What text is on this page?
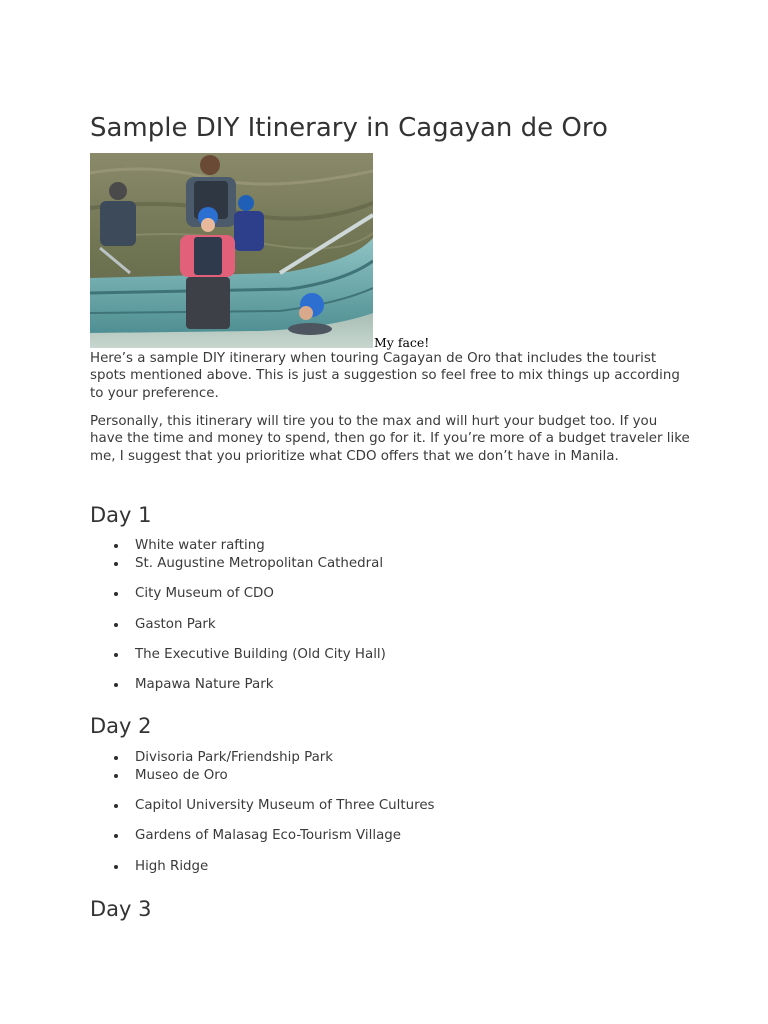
Sample DIY Itinerary in Cagayan de Oro
My face!

Here’s a sample DIY itinerary when touring Cagayan de Oro that includes the tourist spots mentioned above. This is just a suggestion so feel free to mix things up according to your preference.

Personally, this itinerary will tire you to the max and will hurt your budget too. If you have the time and money to spend, then go for it. If you’re more of a budget traveler like me, I suggest that you prioritize what CDO offers that we don’t have in Manila.

Day 1
White water rafting
St. Augustine Metropolitan Cathedral
City Museum of CDO
Gaston Park
The Executive Building (Old City Hall)
Mapawa Nature Park
Day 2
Divisoria Park/Friendship Park
Museo de Oro
Capitol University Museum of Three Cultures
Gardens of Malasag Eco-Tourism Village
High Ridge
Day 3
